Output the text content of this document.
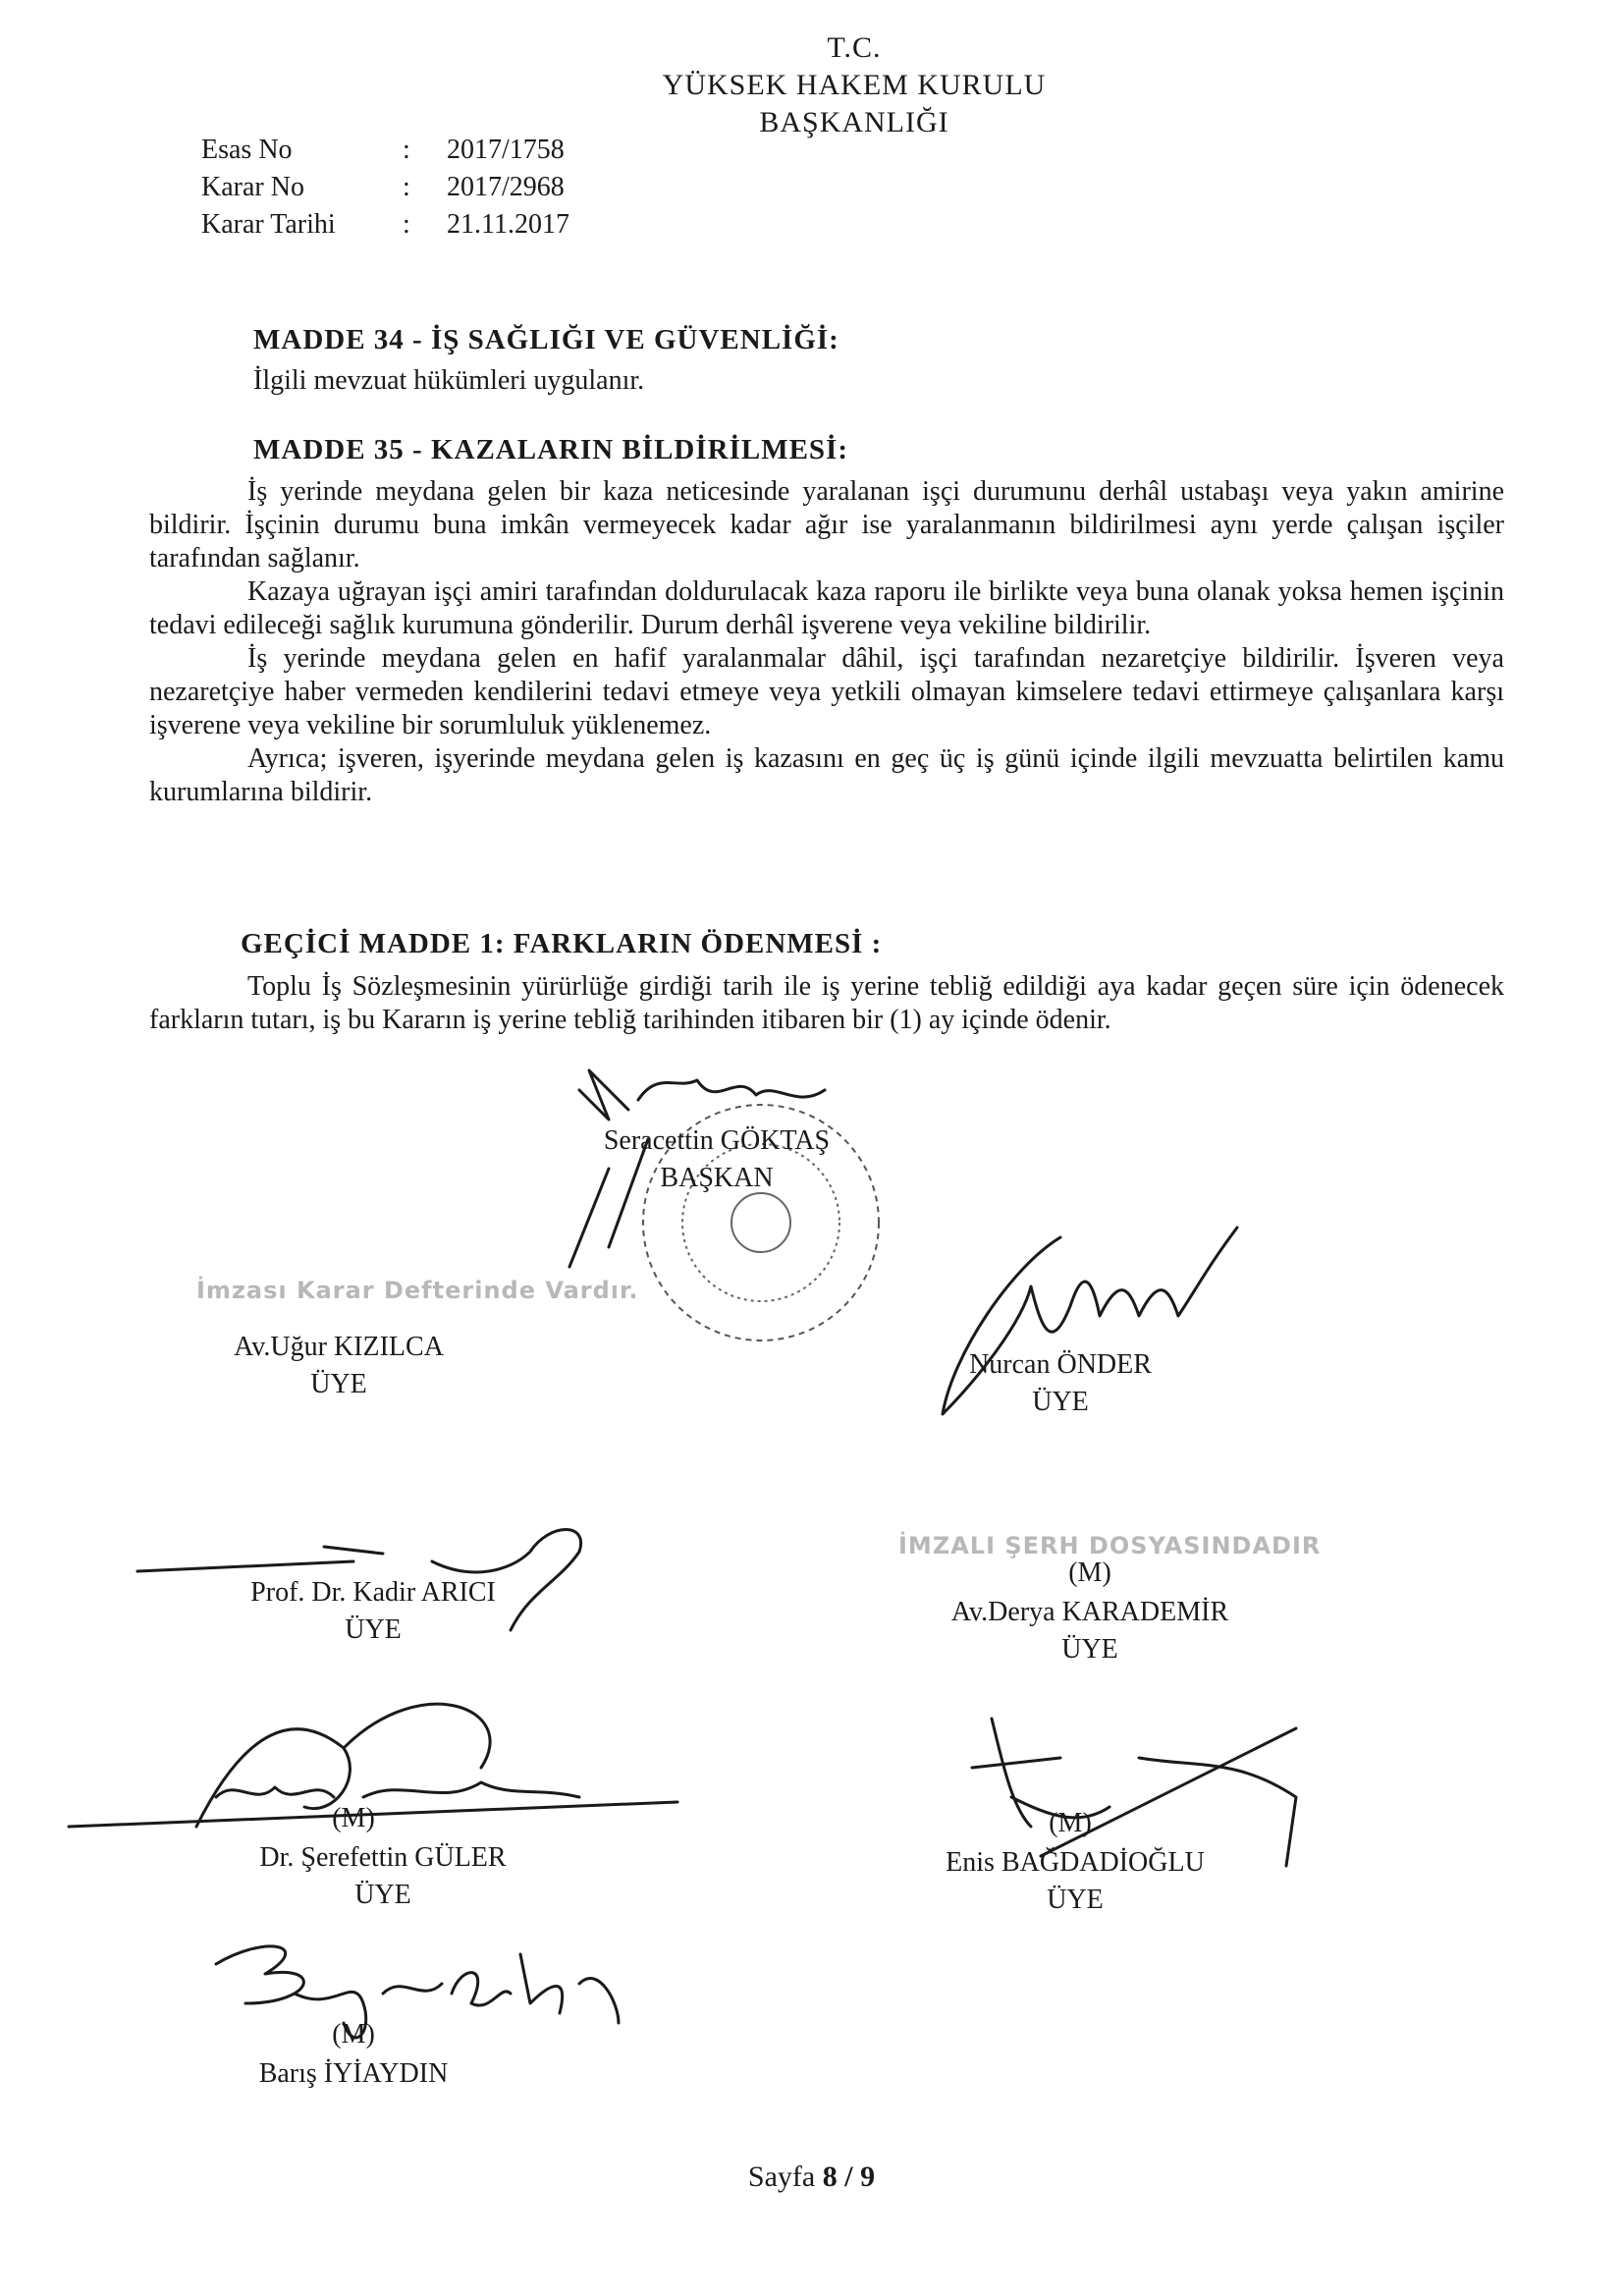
T.C.
YÜKSEK HAKEM KURULU
BAŞKANLIĞI
Esas No	: 2017/1758
Karar No	: 2017/2968
Karar Tarihi : 21.11.2017
MADDE 34 - İŞ SAĞLIĞI VE GÜVENLİĞİ:
İlgili mevzuat hükümleri uygulanır.
MADDE 35 - KAZALARIN BİLDİRİLMESİ:

İş yerinde meydana gelen bir kaza neticesinde yaralanan işçi durumunu derhâl ustabaşı veya yakın amirine bildirir. İşçinin durumu buna imkân vermeyecek kadar ağır ise yaralanmanın bildirilmesi aynı yerde çalışan işçiler tarafından sağlanır.

Kazaya uğrayan işçi amiri tarafından doldurulacak kaza raporu ile birlikte veya buna olanak yoksa hemen işçinin tedavi edileceği sağlık kurumuna gönderilir. Durum derhâl işverene veya vekiline bildirilir.

İş yerinde meydana gelen en hafif yaralanmalar dâhil, işçi tarafından nezaretçiye bildirilir. İşveren veya nezaretçiye haber vermeden kendilerini tedavi etmeye veya yetkili olmayan kimselere tedavi ettirmeye çalışanlara karşı işverene veya vekiline bir sorumluluk yüklenemez.

Ayrıca; işveren, işyerinde meydana gelen iş kazasını en geç üç iş günü içinde ilgili mevzuatta belirtilen kamu kurumlarına bildirir.

GEÇİCİ MADDE 1: FARKLARIN ÖDENMESİ :

Toplu İş Sözleşmesinin yürürlüğe girdiği tarih ile iş yerine tebliğ edildiği aya kadar geçen süre için ödenecek farkların tutarı, iş bu Kararın iş yerine tebliğ tarihinden itibaren bir (1) ay içinde ödenir.

Seracettin GÖKTAŞ
BAŞKAN
İmzası Karar Defterinde Vardır.
Av.Uğur KIZILCA
ÜYE
Nurcan ÖNDER
ÜYE
Prof. Dr. Kadir ARICI
ÜYE
İMZALI ŞERH DOSYASINDADIR
(M)
Av.Derya KARADEMİR
ÜYE
(M)
Dr. Şerefettin GÜLER
ÜYE
(M)
Enis BAĞDADİOĞLU
ÜYE
(M)
Barış İYİAYDIN
Sayfa 8 / 9
